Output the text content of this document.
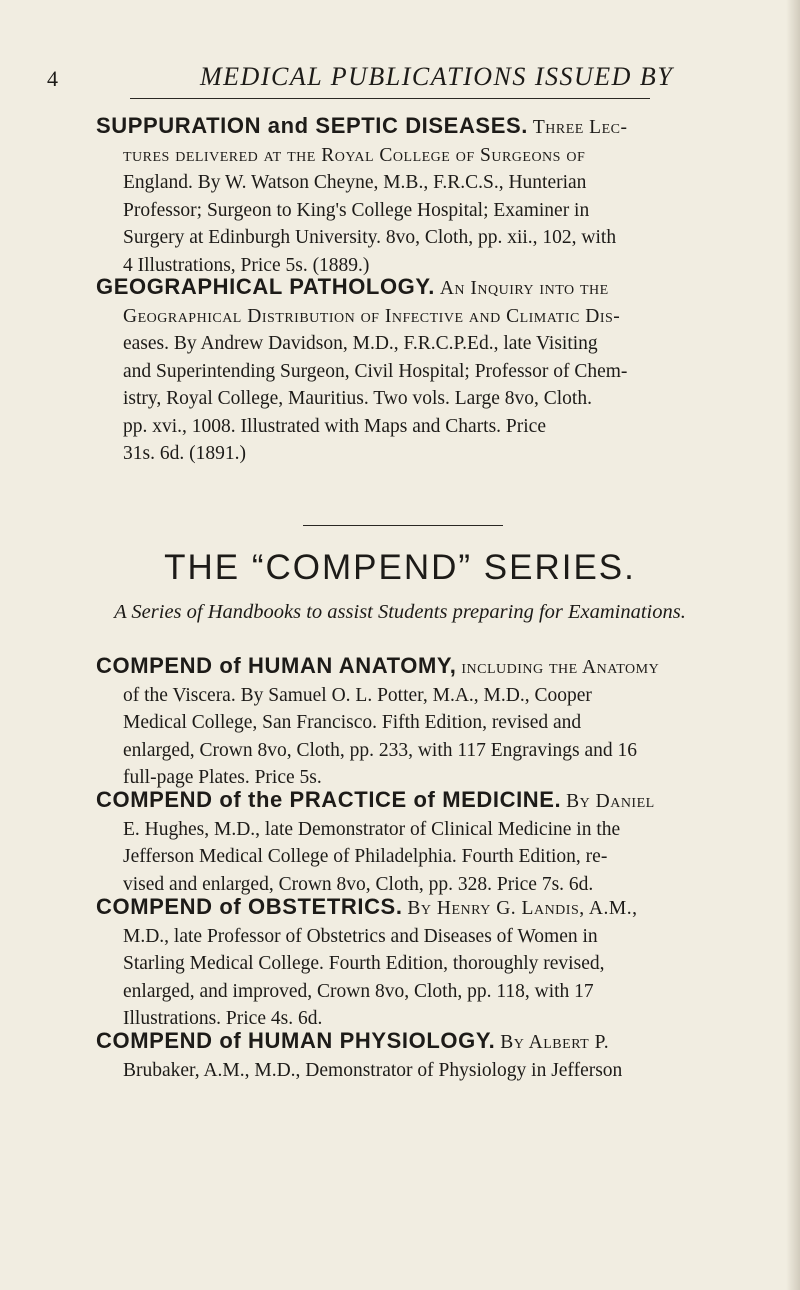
4	MEDICAL PUBLICATIONS ISSUED BY
SUPPURATION and SEPTIC DISEASES. Three Lec-
tures delivered at the Royal College of Surgeons of
England. By W. Watson Cheyne, M.B., F.R.C.S., Hunterian
Professor; Surgeon to King's College Hospital; Examiner in
Surgery at Edinburgh University. 8vo, Cloth, pp. xii., 102, with
4 Illustrations, Price 5s. (1889.)
GEOGRAPHICAL PATHOLOGY. An Inquiry into the
Geographical Distribution of Infective and Climatic Dis-
eases. By Andrew Davidson, M.D., F.R.C.P.Ed., late Visiting
and Superintending Surgeon, Civil Hospital; Professor of Chem-
istry, Royal College, Mauritius. Two vols. Large 8vo, Cloth.
pp. xvi., 1008. Illustrated with Maps and Charts. Price
31s. 6d. (1891.)
THE “COMPEND” SERIES.
A Series of Handbooks to assist Students preparing for Examinations.
COMPEND of HUMAN ANATOMY, including the Anatomy
of the Viscera. By Samuel O. L. Potter, M.A., M.D., Cooper
Medical College, San Francisco. Fifth Edition, revised and
enlarged, Crown 8vo, Cloth, pp. 233, with 117 Engravings and 16
full-page Plates. Price 5s.
COMPEND of the PRACTICE of MEDICINE. By Daniel
E. Hughes, M.D., late Demonstrator of Clinical Medicine in the
Jefferson Medical College of Philadelphia. Fourth Edition, re-
vised and enlarged, Crown 8vo, Cloth, pp. 328. Price 7s. 6d.
COMPEND of OBSTETRICS. By Henry G. Landis, A.M.,
M.D., late Professor of Obstetrics and Diseases of Women in
Starling Medical College. Fourth Edition, thoroughly revised,
enlarged, and improved, Crown 8vo, Cloth, pp. 118, with 17
Illustrations. Price 4s. 6d.
COMPEND of HUMAN PHYSIOLOGY. By Albert P.
Brubaker, A.M., M.D., Demonstrator of Physiology in Jefferson
